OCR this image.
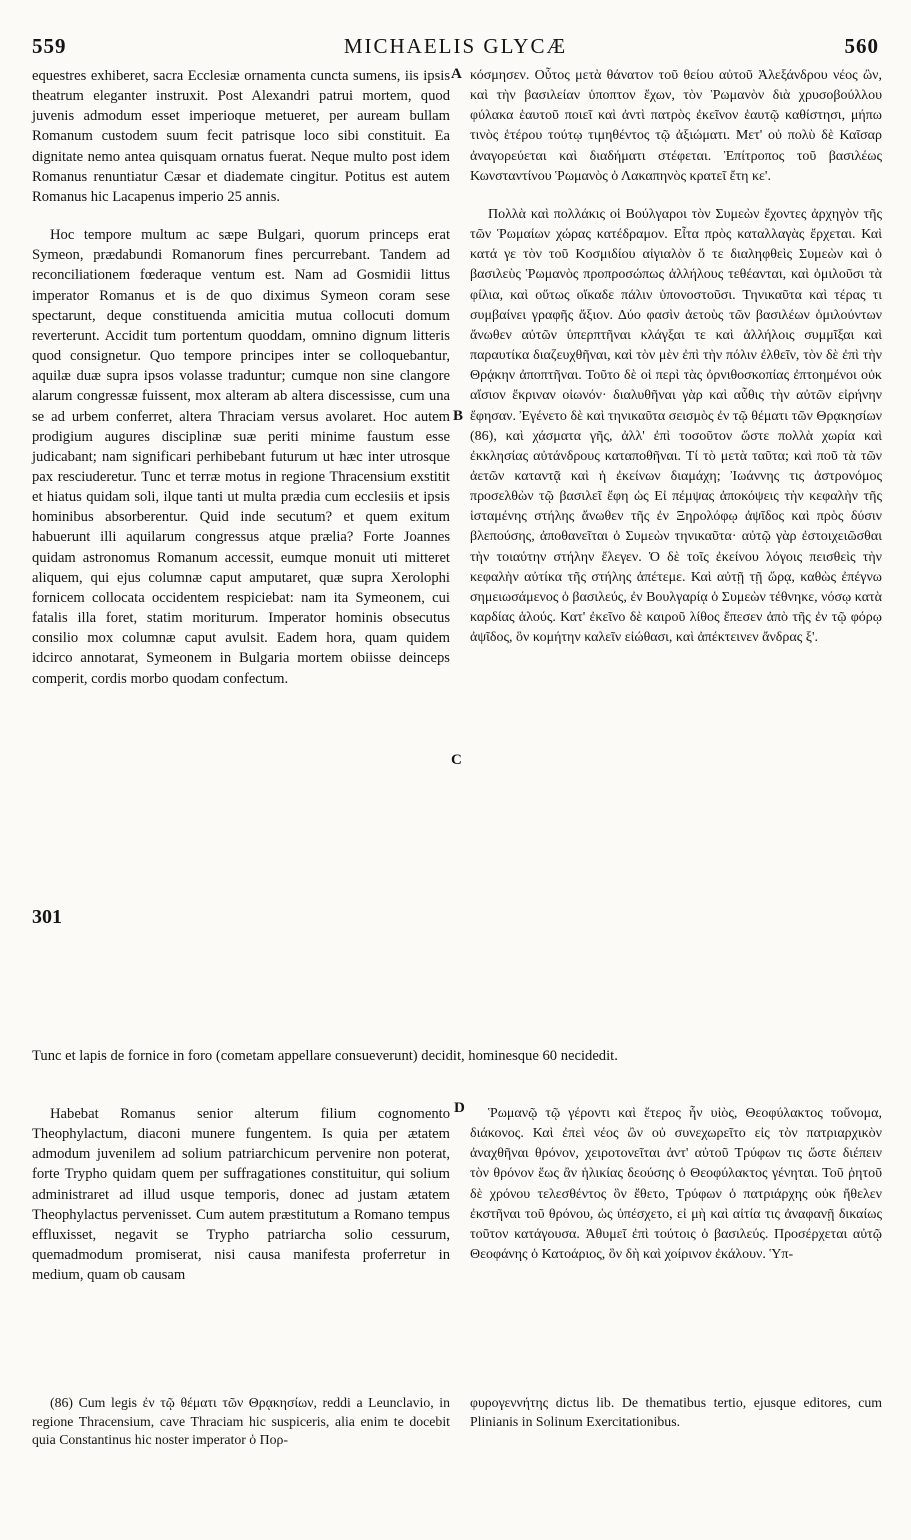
559	MICHAELIS GLYCÆ	560
A
B
C
D

equestres exhiberet, sacra Ecclesiæ ornamenta cuncta sumens, iis ipsis theatrum eleganter instruxit. Post Alexandri patrui mortem, quod juvenis admodum esset imperioque metueret, per auream bullam Romanum custodem suum fecit patrisque loco sibi constituit. Ea dignitate nemo antea quisquam ornatus fuerat. Neque multo post idem Romanus renuntiatur Cæsar et diademate cingitur. Potitus est autem Romanus hic Lacapenus imperio 25 annis.

Hoc tempore multum ac sæpe Bulgari, quorum princeps erat Symeon, prædabundi Romanorum fines percurrebant. Tandem ad reconciliationem fœderaque ventum est. Nam ad Gosmidii littus imperator Romanus et is de quo diximus Symeon coram sese spectarunt, deque constituenda amicitia mutua collocuti domum reverterunt. Accidit tum portentum quoddam, omnino dignum litteris quod consignetur. Quo tempore principes inter se colloquebantur, aquilæ duæ supra ipsos volasse traduntur; cumque non sine clangore alarum congressæ fuissent, mox alteram ab altera discessisse, cum una se ad urbem conferret, altera Thraciam versus avolaret. Hoc autem prodigium augures disciplinæ suæ periti minime faustum esse judicabant; nam significari perhibebant futurum ut hæc inter utrosque pax resciuderetur. Tunc et terræ motus in regione Thracensium exstitit et hiatus quidam soli, ilque tanti ut multa prædia cum ecclesiis et ipsis hominibus absorberentur. Quid inde secutum? et quem exitum habuerunt illi aquilarum congressus atque prælia? Forte Joannes quidam astronomus Romanum accessit, eumque monuit uti mitteret aliquem, qui ejus columnæ caput amputaret, quæ supra Xerolophi fornicem collocata occidentem respiciebat: nam ita Symeonem, cui fatalis illa foret, statim moriturum. Imperator hominis obsecutus consilio mox columnæ caput avulsit. Eadem hora, quam quidem idcirco annotarat, Symeonem in Bulgaria mortem obiisse deinceps comperit, cordis morbo quodam confectum.

301

κόσμησεν. Οὗτος μετὰ θάνατον τοῦ θείου αὐτοῦ Ἀλεξάνδρου νέος ὢν, καὶ τὴν βασιλείαν ὑποπτον ἔχων, τὸν Ῥωμανὸν διὰ χρυσοβούλλου φύλακα ἑαυτοῦ ποιεῖ καὶ ἀντὶ πατρὸς ἐκεῖνον ἑαυτῷ καθίστησι, μήπω τινὸς ἑτέρου τούτῳ τιμηθέντος τῷ ἀξιώματι. Μετ' οὐ πολὺ δὲ Καῖσαρ ἀναγορεύεται καὶ διαδήματι στέφεται. Ἐπίτροπος τοῦ βασιλέως Κωνσταντίνου Ῥωμανὸς ὁ Λακαπηνὸς κρατεῖ ἔτη κε'.

Πολλὰ καὶ πολλάκις οἱ Βούλγαροι τὸν Συμεὼν ἔχοντες ἀρχηγὸν τῆς τῶν Ῥωμαίων χώρας κατέδραμον. Εἶτα πρὸς καταλλαγὰς ἔρχεται. Καὶ κατά γε τὸν τοῦ Κοσμιδίου αἰγιαλὸν ὅ τε διαληφθεὶς Συμεὼν καὶ ὁ βασιλεὺς Ῥωμανὸς προπροσώπως ἀλλήλους τεθέανται, καὶ ὁμιλοῦσι τὰ φίλια, καὶ οὕτως οἴκαδε πάλιν ὑπονοστοῦσι. Τηνικαῦτα καὶ τέρας τι συμβαίνει γραφῆς ἄξιον. Δύο φασὶν ἀετοὺς τῶν βασιλέων ὁμιλούντων ἄνωθεν αὐτῶν ὑπερπτῆναι κλάγξαι τε καὶ ἀλλήλοις συμμῖξαι καὶ παραυτίκα διαζευχθῆναι, καὶ τὸν μὲν ἐπὶ τὴν πόλιν ἐλθεῖν, τὸν δὲ ἐπὶ τὴν Θρᾴκην ἀποπτῆναι. Τοῦτο δὲ οἱ περὶ τὰς ὀρνιθοσκοπίας ἐπτοημένοι οὐκ αἴσιον ἔκριναν οἰωνόν· διαλυθῆναι γὰρ καὶ αὖθις τὴν αὐτῶν εἰρήνην ἔφησαν. Ἐγένετο δὲ καὶ τηνικαῦτα σεισμὸς ἐν τῷ θέματι τῶν Θρᾳκησίων (86), καὶ χάσματα γῆς, ἀλλ' ἐπὶ τοσοῦτον ὥστε πολλὰ χωρία καὶ ἐκκλησίας αὐτάνδρους καταποθῆναι. Τί τὸ μετὰ ταῦτα; καὶ ποῦ τὰ τῶν ἀετῶν καταντᾷ καὶ ἡ ἐκείνων διαμάχη; Ἰωάννης τις ἀστρονόμος προσελθὼν τῷ βασιλεῖ ἔφη ὡς Εἰ πέμψας ἀποκόψεις τὴν κεφαλὴν τῆς ἱσταμένης στήλης ἄνωθεν τῆς ἐν Ξηρολόφῳ ἀψῖδος καὶ πρὸς δύσιν βλεπούσης, ἀποθανεῖται ὁ Συμεὼν τηνικαῦτα· αὐτῷ γὰρ ἐστοιχειῶσθαι τὴν τοιαύτην στήλην ἔλεγεν. Ὁ δὲ τοῖς ἐκείνου λόγοις πεισθεὶς τὴν κεφαλὴν αὐτίκα τῆς στήλης ἀπέτεμε. Καὶ αὐτῇ τῇ ὥρᾳ, καθὼς ἐπέγνω σημειωσάμενος ὁ βασιλεύς, ἐν Βουλγαρίᾳ ὁ Συμεὼν τέθνηκε, νόσῳ κατὰ καρδίας ἁλούς. Κατ' ἐκεῖνο δὲ καιροῦ λίθος ἔπεσεν ἀπὸ τῆς ἐν τῷ φόρῳ ἀψῖδος, ὃν κομήτην καλεῖν εἰώθασι, καὶ ἀπέκτεινεν ἄνδρας ξ'.

Tunc et lapis de fornice in foro (cometam appellare consueverunt) decidit, hominesque 60 necidedit.

Habebat Romanus senior alterum filium cognomento Theophylactum, diaconi munere fungentem. Is quia per ætatem admodum juvenilem ad solium patriarchicum pervenire non poterat, forte Trypho quidam quem per suffragationes constituitur, qui solium administraret ad illud usque temporis, donec ad justam ætatem Theophylactus pervenisset. Cum autem præstitutum a Romano tempus effluxisset, negavit se Trypho patriarcha solio cessurum, quemadmodum promiserat, nisi causa manifesta proferretur in medium, quam ob causam

Ῥωμανῷ τῷ γέροντι καὶ ἕτερος ἦν υἱὸς, Θεοφύλακτος τοὔνομα, διάκονος. Καὶ ἐπεὶ νέος ὢν οὐ συνεχωρεῖτο εἰς τὸν πατριαρχικὸν ἀναχθῆναι θρόνον, χειροτονεῖται ἀντ' αὐτοῦ Τρύφων τις ὥστε διέπειν τὸν θρόνον ἕως ἂν ἡλικίας δεούσης ὁ Θεοφύλακτος γένηται. Τοῦ ῥητοῦ δὲ χρόνου τελεσθέντος ὃν ἔθετο, Τρύφων ὁ πατριάρχης οὐκ ἤθελεν ἐκστῆναι τοῦ θρόνου, ὡς ὑπέσχετο, εἰ μὴ καὶ αἰτία τις ἀναφανῇ δικαίως τοῦτον κατάγουσα. Ἀθυμεῖ ἐπὶ τούτοις ὁ βασιλεύς. Προσέρχεται αὐτῷ Θεοφάνης ὁ Κατοάριος, ὃν δὴ καὶ χοίρινον ἐκάλουν. Ὑπ-

(86) Cum legis ἐν τῷ θέματι τῶν Θρᾳκησίων, reddi a Leunclavio, in regione Thracensium, cave Thraciam hic suspiceris, alia enim te docebit quia Constantinus hic noster imperator ὁ Πορ-

φυρογεννήτης dictus lib. De thematibus tertio, ejusque editores, cum Plinianis in Solinum Exercitationibus.
